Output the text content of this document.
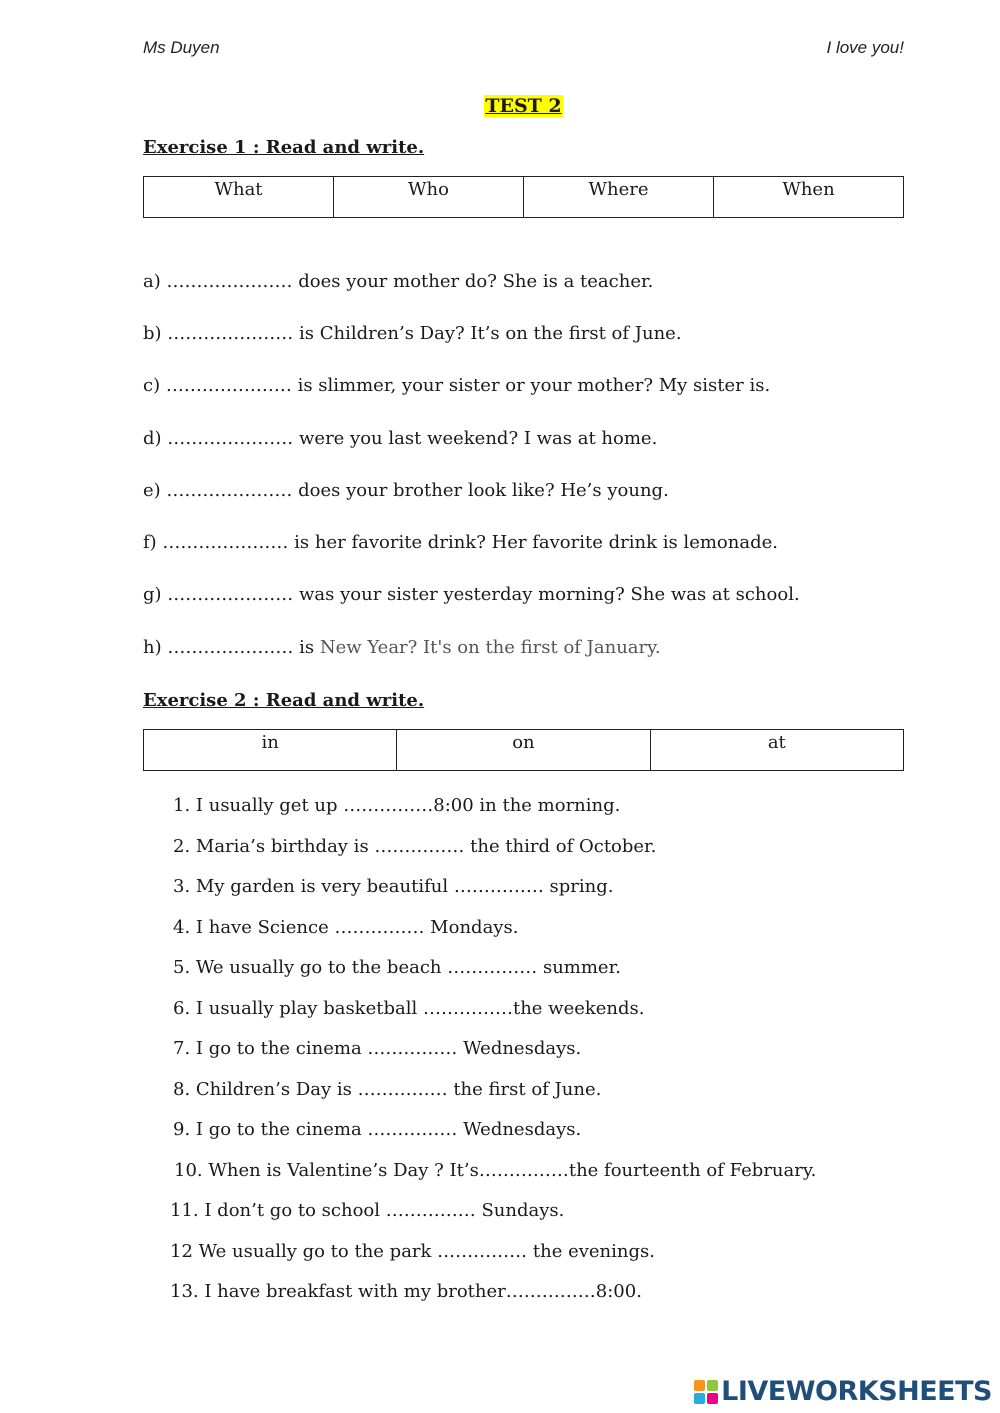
Ms Duyen	I love you!
TEST 2
Exercise 1 : Read and write.
What	Who	Where	When
a) ………………… does your mother do? She is a teacher.
b) ………………… is Children’s Day? It’s on the first of June.
c) ………………… is slimmer, your sister or your mother? My sister is.
d) ………………… were you last weekend? I was at home.
e) ………………… does your brother look like? He’s young.
f) ………………… is her favorite drink? Her favorite drink is lemonade.
g) ………………… was your sister yesterday morning? She was at school.
h) ………………… is New Year? It's on the first of January.
Exercise 2 : Read and write.
in	on	at
1. I usually get up ……………8:00 in the morning.
2. Maria’s birthday is …………… the third of October.
3. My garden is very beautiful …………… spring.
4. I have Science …………… Mondays.
5. We usually go to the beach …………… summer.
6. I usually play basketball ……………the weekends.
7. I go to the cinema …………… Wednesdays.
8. Children’s Day is …………… the first of June.
9. I go to the cinema …………… Wednesdays.
10. When is Valentine’s Day ? It’s……………the fourteenth of February.
11. I don’t go to school …………… Sundays.
12 We usually go to the park …………… the evenings.
13. I have breakfast with my brother……………8:00.
LIVEWORKSHEETS
